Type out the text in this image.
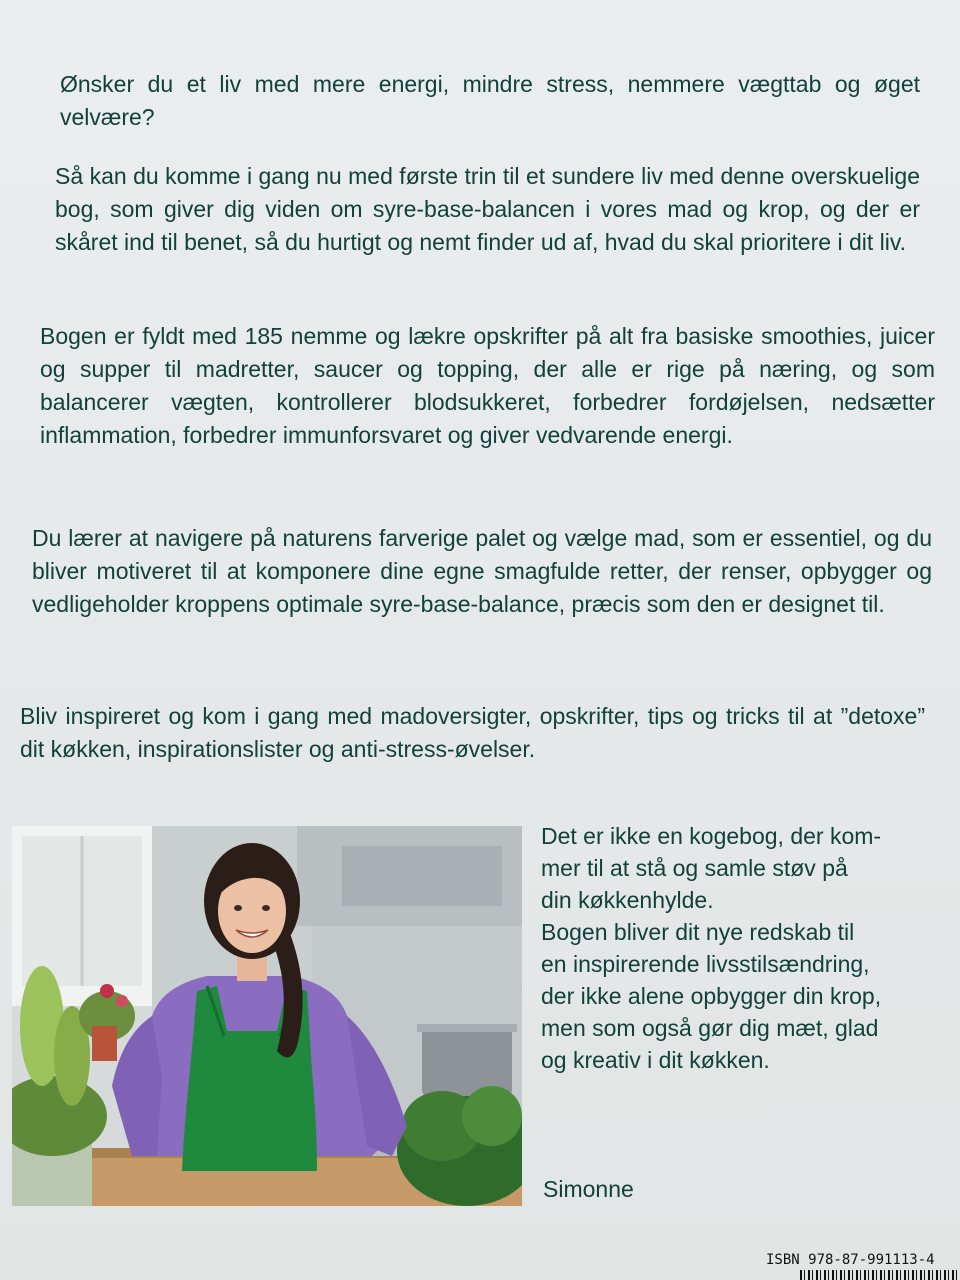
Ønsker du et liv med mere energi, mindre stress, nemmere vægttab og øget velvære?

Så kan du komme i gang nu med første trin til et sundere liv med denne overskuelige bog, som giver dig viden om syre-base-balancen i vores mad og krop, og der er skåret ind til benet, så du hurtigt og nemt finder ud af, hvad du skal prioritere i dit liv.

Bogen er fyldt med 185 nemme og lækre opskrifter på alt fra basiske smoothies, juicer og supper til madretter, saucer og topping, der alle er rige på næring, og som balancerer vægten, kontrollerer blodsukkeret, forbedrer fordøjelsen, nedsætter inflammation, forbedrer immunforsvaret og giver vedvarende energi.

Du lærer at navigere på naturens farverige palet og vælge mad, som er essentiel, og du bliver motiveret til at komponere dine egne smagfulde retter, der renser, opbygger og vedligeholder kroppens optimale syre-base-balance, præcis som den er designet til.

Bliv inspireret og kom i gang med madoversigter, opskrifter, tips og tricks til at ”detoxe” dit køkken, inspirationslister og anti-stress-øvelser.

Det er ikke en kogebog, der kom-
mer til at stå og samle støv på
din køkkenhylde.
Bogen bliver dit nye redskab til
en inspirerende livsstilsændring,
der ikke alene opbygger din krop,
men som også gør dig mæt, glad
og kreativ i dit køkken.
Simonne
ISBN 978-87-991113-4
